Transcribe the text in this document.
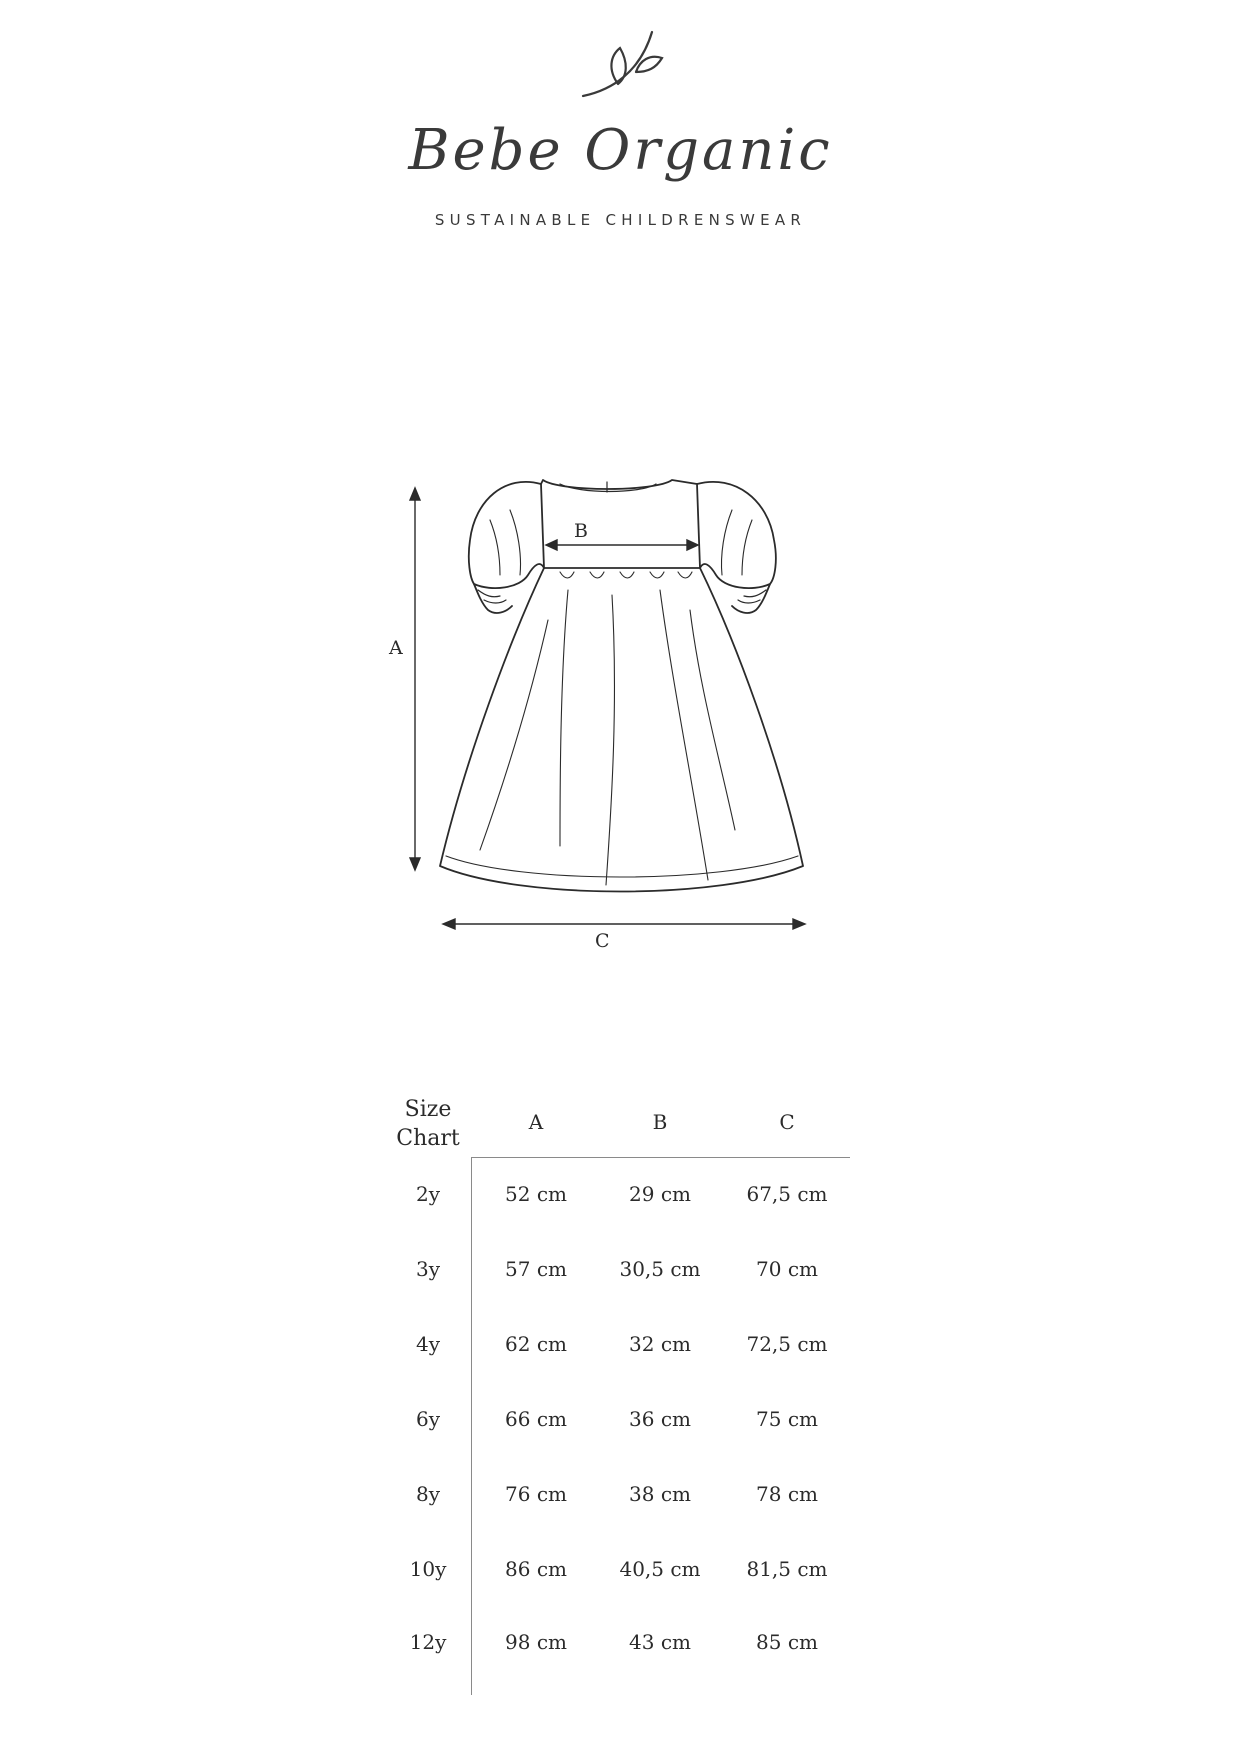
Bebe Organic
SUSTAINABLE CHILDRENSWEAR
A
B
C
Size
Chart
A	B	C
2y	52 cm	29 cm	67,5 cm
3y	57 cm	30,5 cm	70 cm
4y	62 cm	32 cm	72,5 cm
6y	66 cm	36 cm	75 cm
8y	76 cm	38 cm	78 cm
10y	86 cm	40,5 cm 81,5 cm
12y	98 cm	43 cm	85 cm
